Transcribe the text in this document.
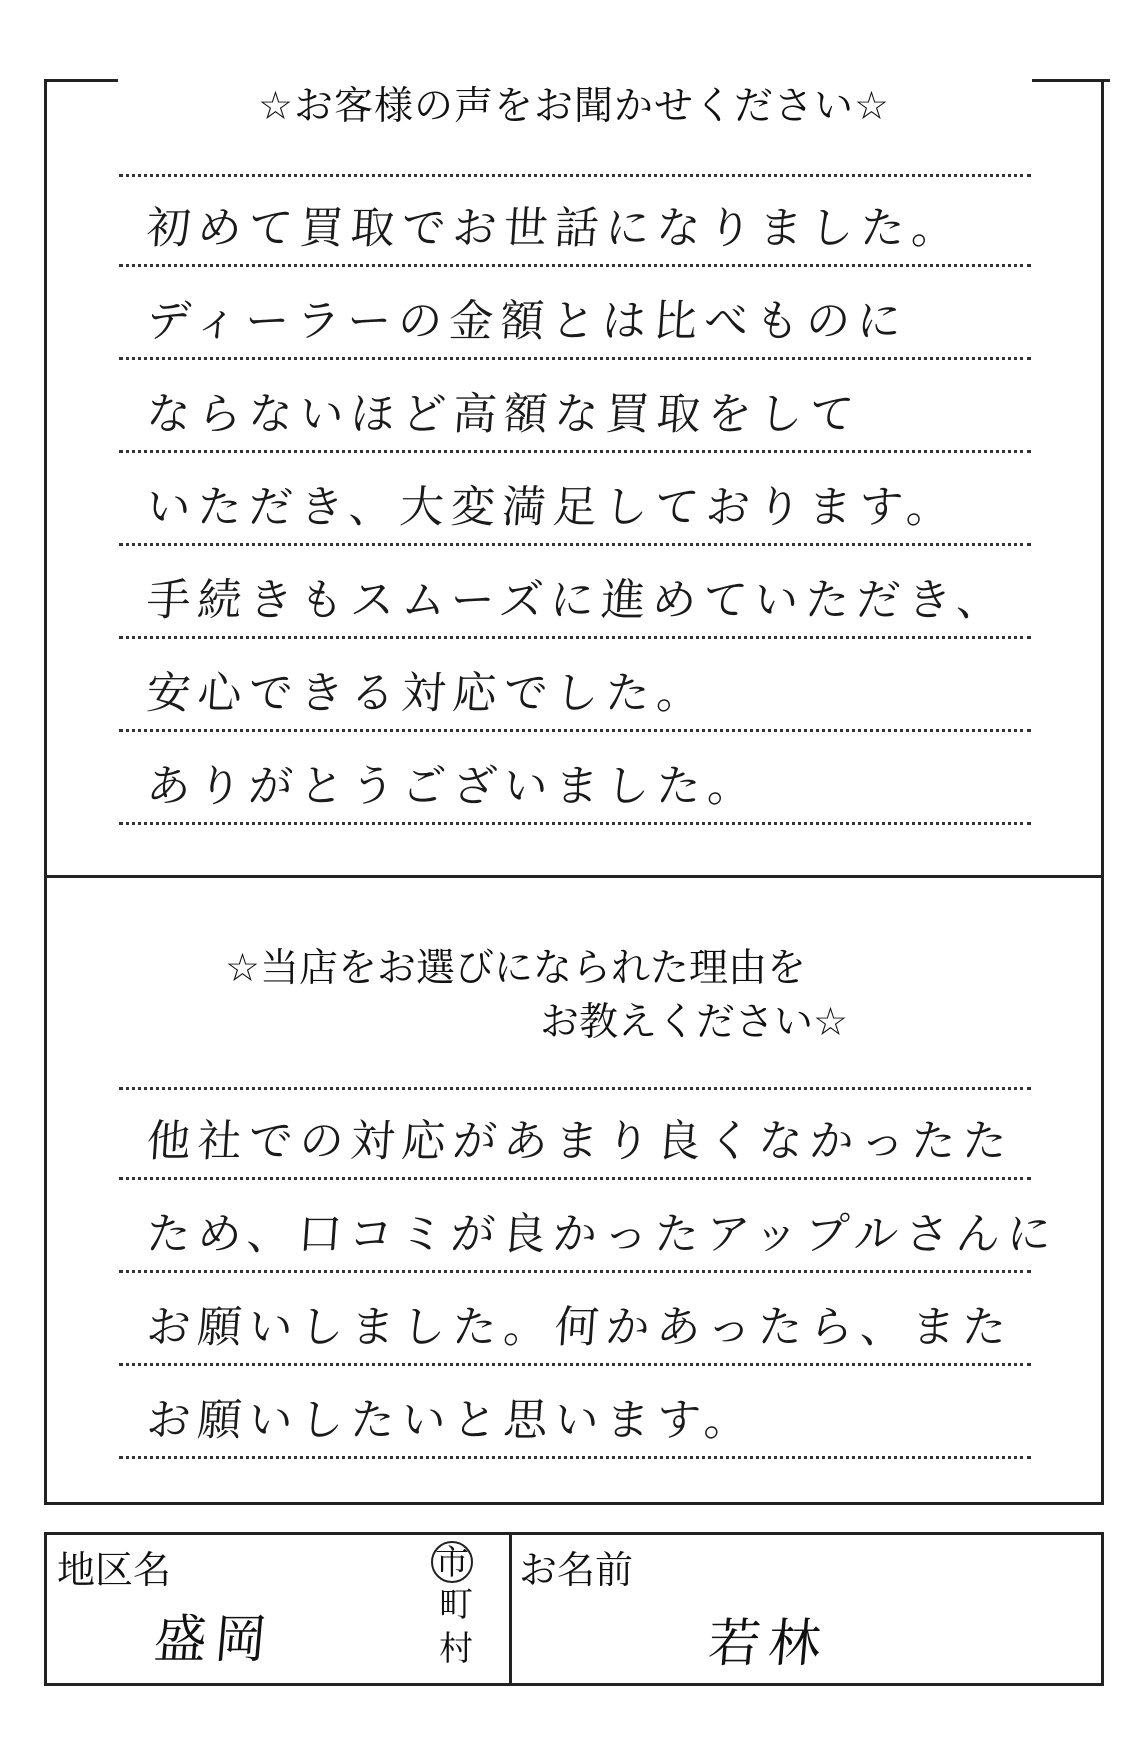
☆お客様の声をお聞かせください☆
初めて買取でお世話になりました。
ディーラーの金額とは比べものに
ならないほど高額な買取をして
いただき、大変満足しております。
手続きもスムーズに進めていただき、
安心できる対応でした。
ありがとうございました。
☆当店をお選びになられた理由を
お教えください☆
他社での対応があまり良くなかったた
ため、口コミが良かったアップルさんに
お願いしました。何かあったら、また
お願いしたいと思います。
地区名
盛岡
市
町
村
お名前
若林
